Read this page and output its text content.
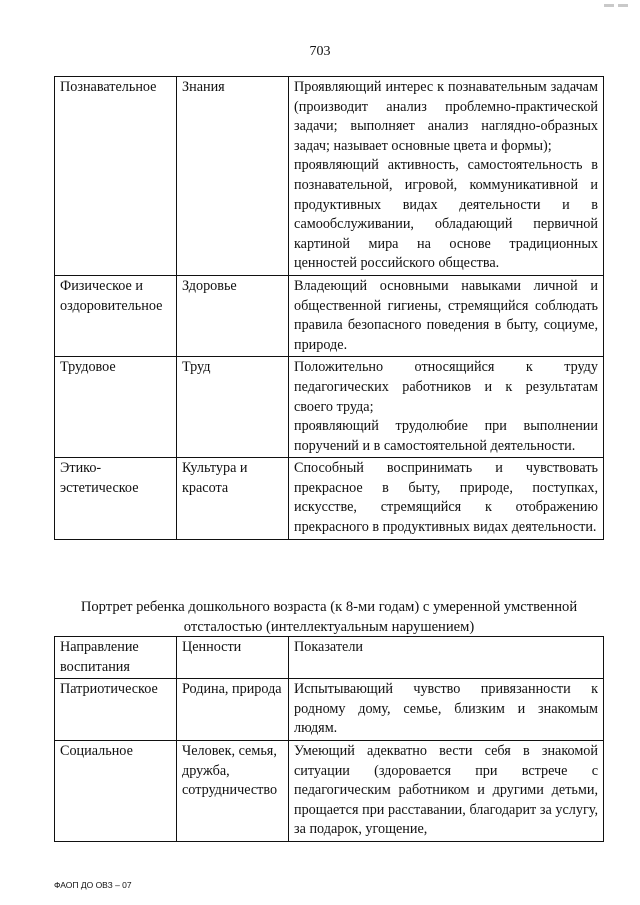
703
Познавательное	Знания	Проявляющий интерес к познавательным задачам (производит анализ проблемно-практической задачи; выполняет анализ наглядно-образных задач; называет основные цвета и формы);
проявляющий активность, самостоятельность в познавательной, игровой, коммуникативной и продуктивных видах деятельности и в самообслуживании, обладающий первичной картиной мира на основе традиционных ценностей российского общества.

Физическое и оздоровительное	Здоровье	Владеющий основными навыками личной и общественной гигиены, стремящийся соблюдать правила безопасного поведения в быту, социуме, природе.

Трудовое	Труд	Положительно относящийся к труду педагогических работников и к результатам своего труда;
проявляющий трудолюбие при выполнении поручений и в самостоятельной деятельности.

Этико-эстетическое	Культура и красота	Способный воспринимать и чувствовать прекрасное в быту, природе, поступках, искусстве, стремящийся к отображению прекрасного в продуктивных видах деятельности.
Портрет ребенка дошкольного возраста (к 8-ми годам) с умеренной умственной отсталостью (интеллектуальным нарушением)
Направление воспитания	Ценности	Показатели
Патриотическое	Родина, природа	Испытывающий чувство привязанности к родному дому, семье, близким и знакомым людям.

Социальное	Человек, семья, дружба, сотрудничество	Умеющий адекватно вести себя в знакомой ситуации (здоровается при встрече с педагогическим работником и другими детьми, прощается при расставании, благодарит за услугу, за подарок, угощение,
ФАОП ДО ОВЗ – 07
